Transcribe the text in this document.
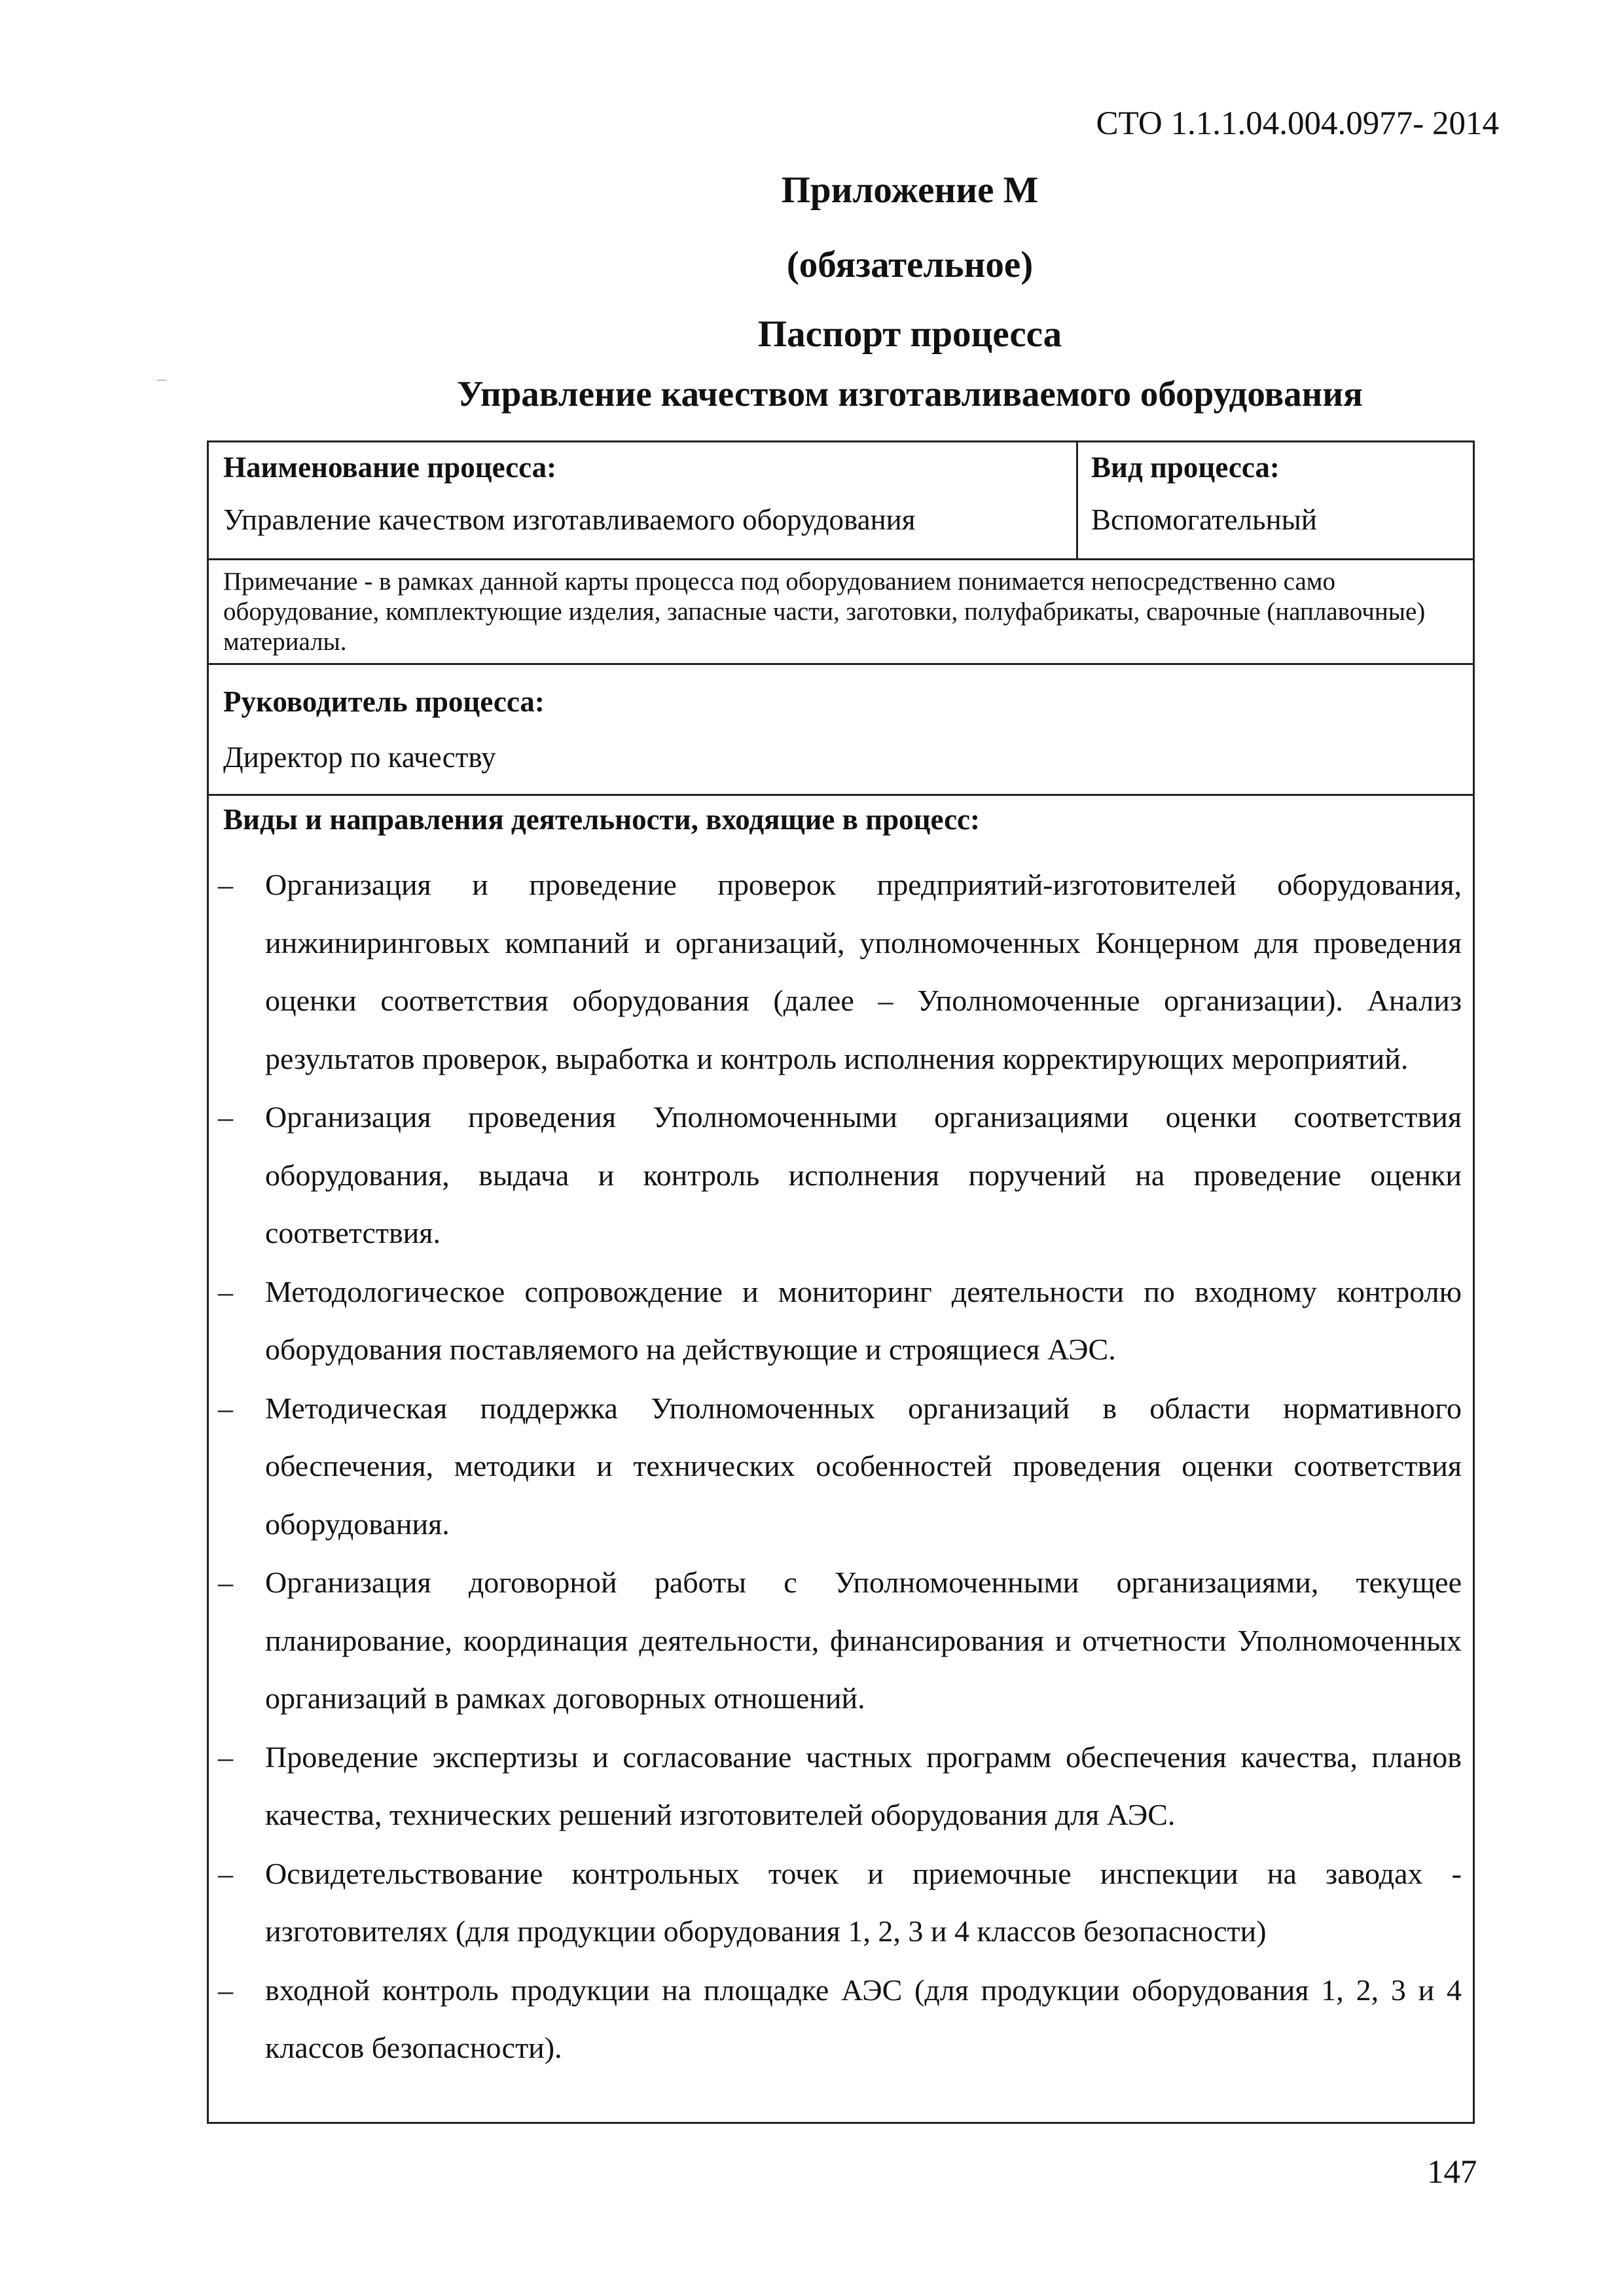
СТО 1.1.1.04.004.0977- 2014
Приложение М
(обязательное)
Паспорт процесса
Управление качеством изготавливаемого оборудования
Наименование процесса:
Управление качеством изготавливаемого оборудования
Вид процесса:
Вспомогательный
Примечание - в рамках данной карты процесса под оборудованием понимается непосредственно само оборудование, комплектующие изделия, запасные части, заготовки, полуфабрикаты, сварочные (наплавочные) материалы.
Руководитель процесса:
Директор по качеству
Виды и направления деятельности, входящие в процесс:
– Организация и проведение проверок предприятий-изготовителей оборудования, инжиниринговых компаний и организаций, уполномоченных Концерном для проведения оценки соответствия оборудования (далее – Уполномоченные организации). Анализ результатов проверок, выработка и контроль исполнения корректирующих мероприятий.
– Организация проведения Уполномоченными организациями оценки соответствия оборудования, выдача и контроль исполнения поручений на проведение оценки соответствия.
– Методологическое сопровождение и мониторинг деятельности по входному контролю оборудования поставляемого на действующие и строящиеся АЭС.
– Методическая поддержка Уполномоченных организаций в области нормативного обеспечения, методики и технических особенностей проведения оценки соответствия оборудования.
– Организация договорной работы с Уполномоченными организациями, текущее планирование, координация деятельности, финансирования и отчетности Уполномоченных организаций в рамках договорных отношений.
– Проведение экспертизы и согласование частных программ обеспечения качества, планов качества, технических решений изготовителей оборудования для АЭС.
– Освидетельствование контрольных точек и приемочные инспекции на заводах - изготовителях (для продукции оборудования 1, 2, 3 и 4 классов безопасности)
– входной контроль продукции на площадке АЭС (для продукции оборудования 1, 2, 3 и 4 классов безопасности).
147
